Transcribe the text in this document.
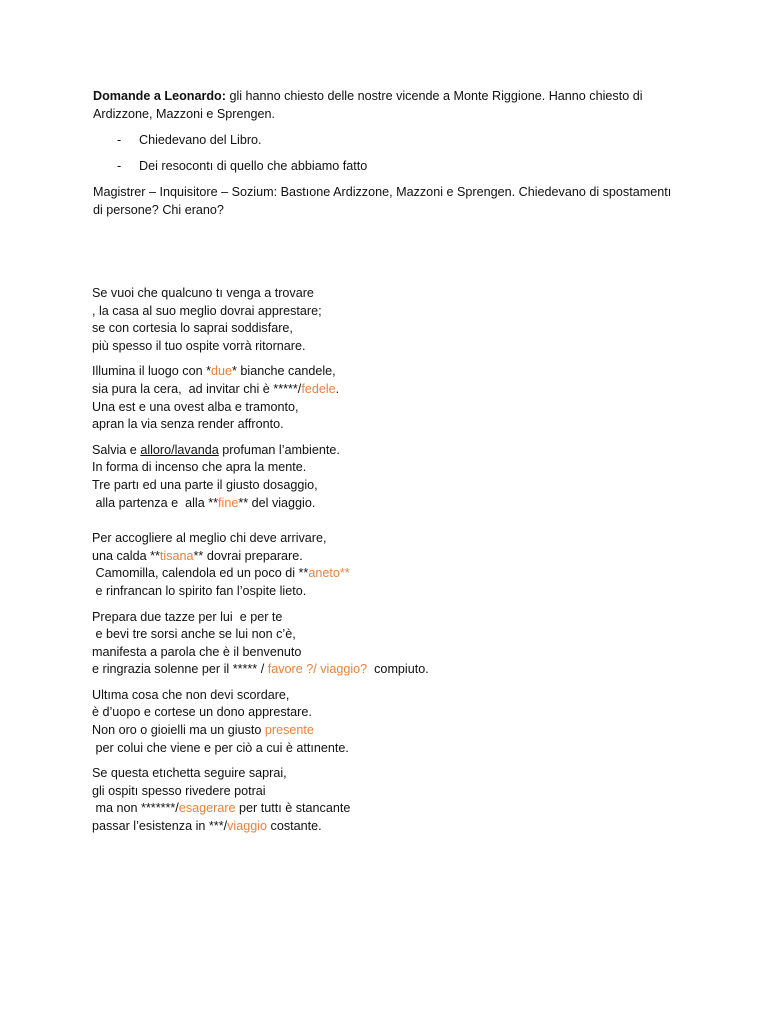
Domande a Leonardo: gli hanno chiesto delle nostre vicende a Monte Riggione. Hanno chiesto di Ardizzone, Mazzoni e Sprengen.

- Chiedevano del Libro.
- Dei resocontı di quello che abbiamo fatto

Magistrer – Inquisitore – Sozium: Bastıone Ardizzone, Mazzoni e Sprengen. Chiedevano di spostamentı di persone? Chi erano?

Se vuoi che qualcuno tı venga a trovare
, la casa al suo meglio dovrai apprestare;
se con cortesia lo saprai soddisfare,
più spesso il tuo ospite vorrà ritornare.
Illumina il luogo con *due* bianche candele,
sia pura la cera,  ad invitar chi è *****/fedele.
Una est e una ovest alba e tramonto,
apran la via senza render affronto.
Salvia e alloro/lavanda profuman l’ambiente.
In forma di incenso che apra la mente.
Tre partı ed una parte il giusto dosaggio,
alla partenza e  alla **fine** del viaggio.
Per accogliere al meglio chi deve arrivare,
una calda **tisana** dovrai preparare.
Camomilla, calendola ed un poco di **aneto**
e rinfrancan lo spirito fan l’ospite lieto.
Prepara due tazze per lui  e per te
e bevi tre sorsi anche se lui non c’è,
manifesta a parola che è il benvenuto
e ringrazia solenne per il ***** / favore ?/ viaggio?  compiuto.
Ultıma cosa che non devi scordare,
è d’uopo e cortese un dono apprestare.
Non oro o gioielli ma un giusto presente
per colui che viene e per ciò a cui è attınente.
Se questa etıchetta seguire saprai,
gli ospitı spesso rivedere potrai
ma non *******/esagerare per tuttı è stancante
passar l’esistenza in ***/viaggio costante.
